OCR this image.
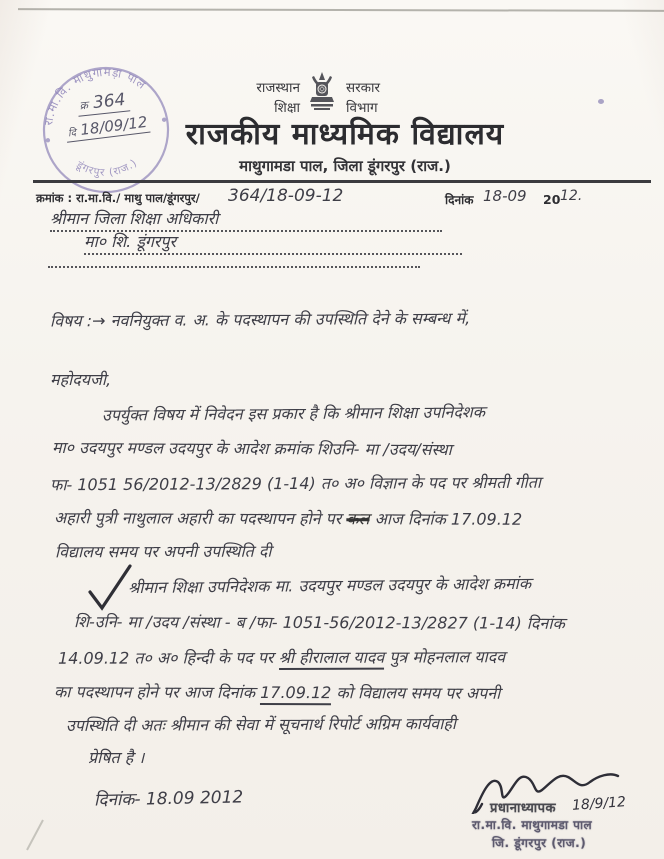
रा.मा.वि. माथुगामड़ा पाल
डूंगरपुर (राज.)
क्र 364
दि 18/09/12
राजस्थान
शिक्षा
सरकार
विभाग
राजकीय माध्यमिक विद्यालय
माथुगामडा पाल, जिला डूंगरपुर (राज.)
क्रमांक : रा.मा.वि./ माथु पाल/डूंगरपुर/ 364/18-09-12	दिनांक 18-09 20 12.
श्रीमान जिला शिक्षा अधिकारी
मा० शि. डूंगरपुर
विषय :→ नवनियुक्त व. अ. के पदस्थापन की उपस्थिति देने के सम्बन्ध में,
महोदयजी,
उपर्युक्त विषय में निवेदन इस प्रकार है कि श्रीमान शिक्षा उपनिदेशक
मा० उदयपुर मण्डल उदयपुर के आदेश क्रमांक शिउनि- मा /उदय/संस्था
फा- 1051 56/2012-13/2829 (1-14) त० अ० विज्ञान के पद पर श्रीमती गीता
अहारी पुत्री नाथुलाल अहारी का पदस्थापन होने पर कल आज दिनांक 17.09.12
विद्यालय समय पर अपनी उपस्थिति दी
श्रीमान शिक्षा उपनिदेशक मा. उदयपुर मण्डल उदयपुर के आदेश क्रमांक
शि-उनि- मा /उदय /संस्था - ब /फा- 1051-56/2012-13/2827 (1-14) दिनांक
14.09.12 त० अ० हिन्दी के पद पर श्री हीरालाल यादव पुत्र मोहनलाल यादव
का पदस्थापन होने पर आज दिनांक 17.09.12 को विद्यालय समय पर अपनी
उपस्थिति दी अतः श्रीमान की सेवा में सूचनार्थ रिपोर्ट अग्रिम कार्यवाही
प्रेषित है ।
दिनांक- 18.09 2012	18/9/12
प्रधानाध्यापक
रा.मा.वि. माथुगामडा पाल
जि. डूंगरपुर (राज.)
